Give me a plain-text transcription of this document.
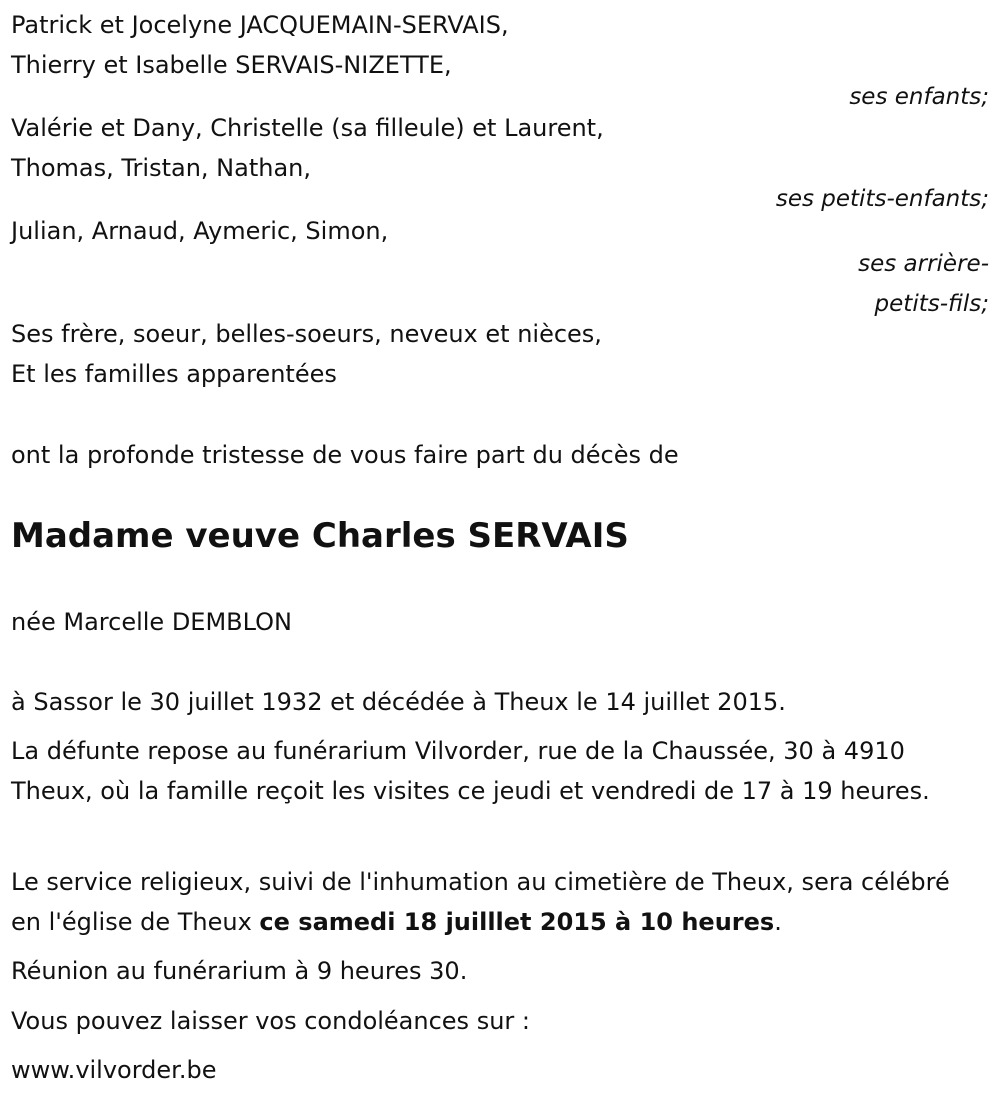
Patrick et Jocelyne JACQUEMAIN-SERVAIS,
Thierry et Isabelle SERVAIS-NIZETTE,
ses enfants;
Valérie et Dany, Christelle (sa filleule) et Laurent,
Thomas, Tristan, Nathan,
ses petits-enfants;
Julian, Arnaud, Aymeric, Simon,
ses arrière-
petits-fils;
Ses frère, soeur, belles-soeurs, neveux et nièces,
Et les familles apparentées
ont la profonde tristesse de vous faire part du décès de
Madame veuve Charles SERVAIS
née Marcelle DEMBLON
à Sassor le 30 juillet 1932 et décédée à Theux le 14 juillet 2015.
La défunte repose au funérarium Vilvorder, rue de la Chaussée, 30 à 4910 Theux, où la famille reçoit les visites ce jeudi et vendredi de 17 à 19 heures.
Le service religieux, suivi de l'inhumation au cimetière de Theux, sera célébré en l'église de Theux ce samedi 18 juilllet 2015 à 10 heures.
Réunion au funérarium à 9 heures 30.
Vous pouvez laisser vos condoléances sur :
www.vilvorder.be
